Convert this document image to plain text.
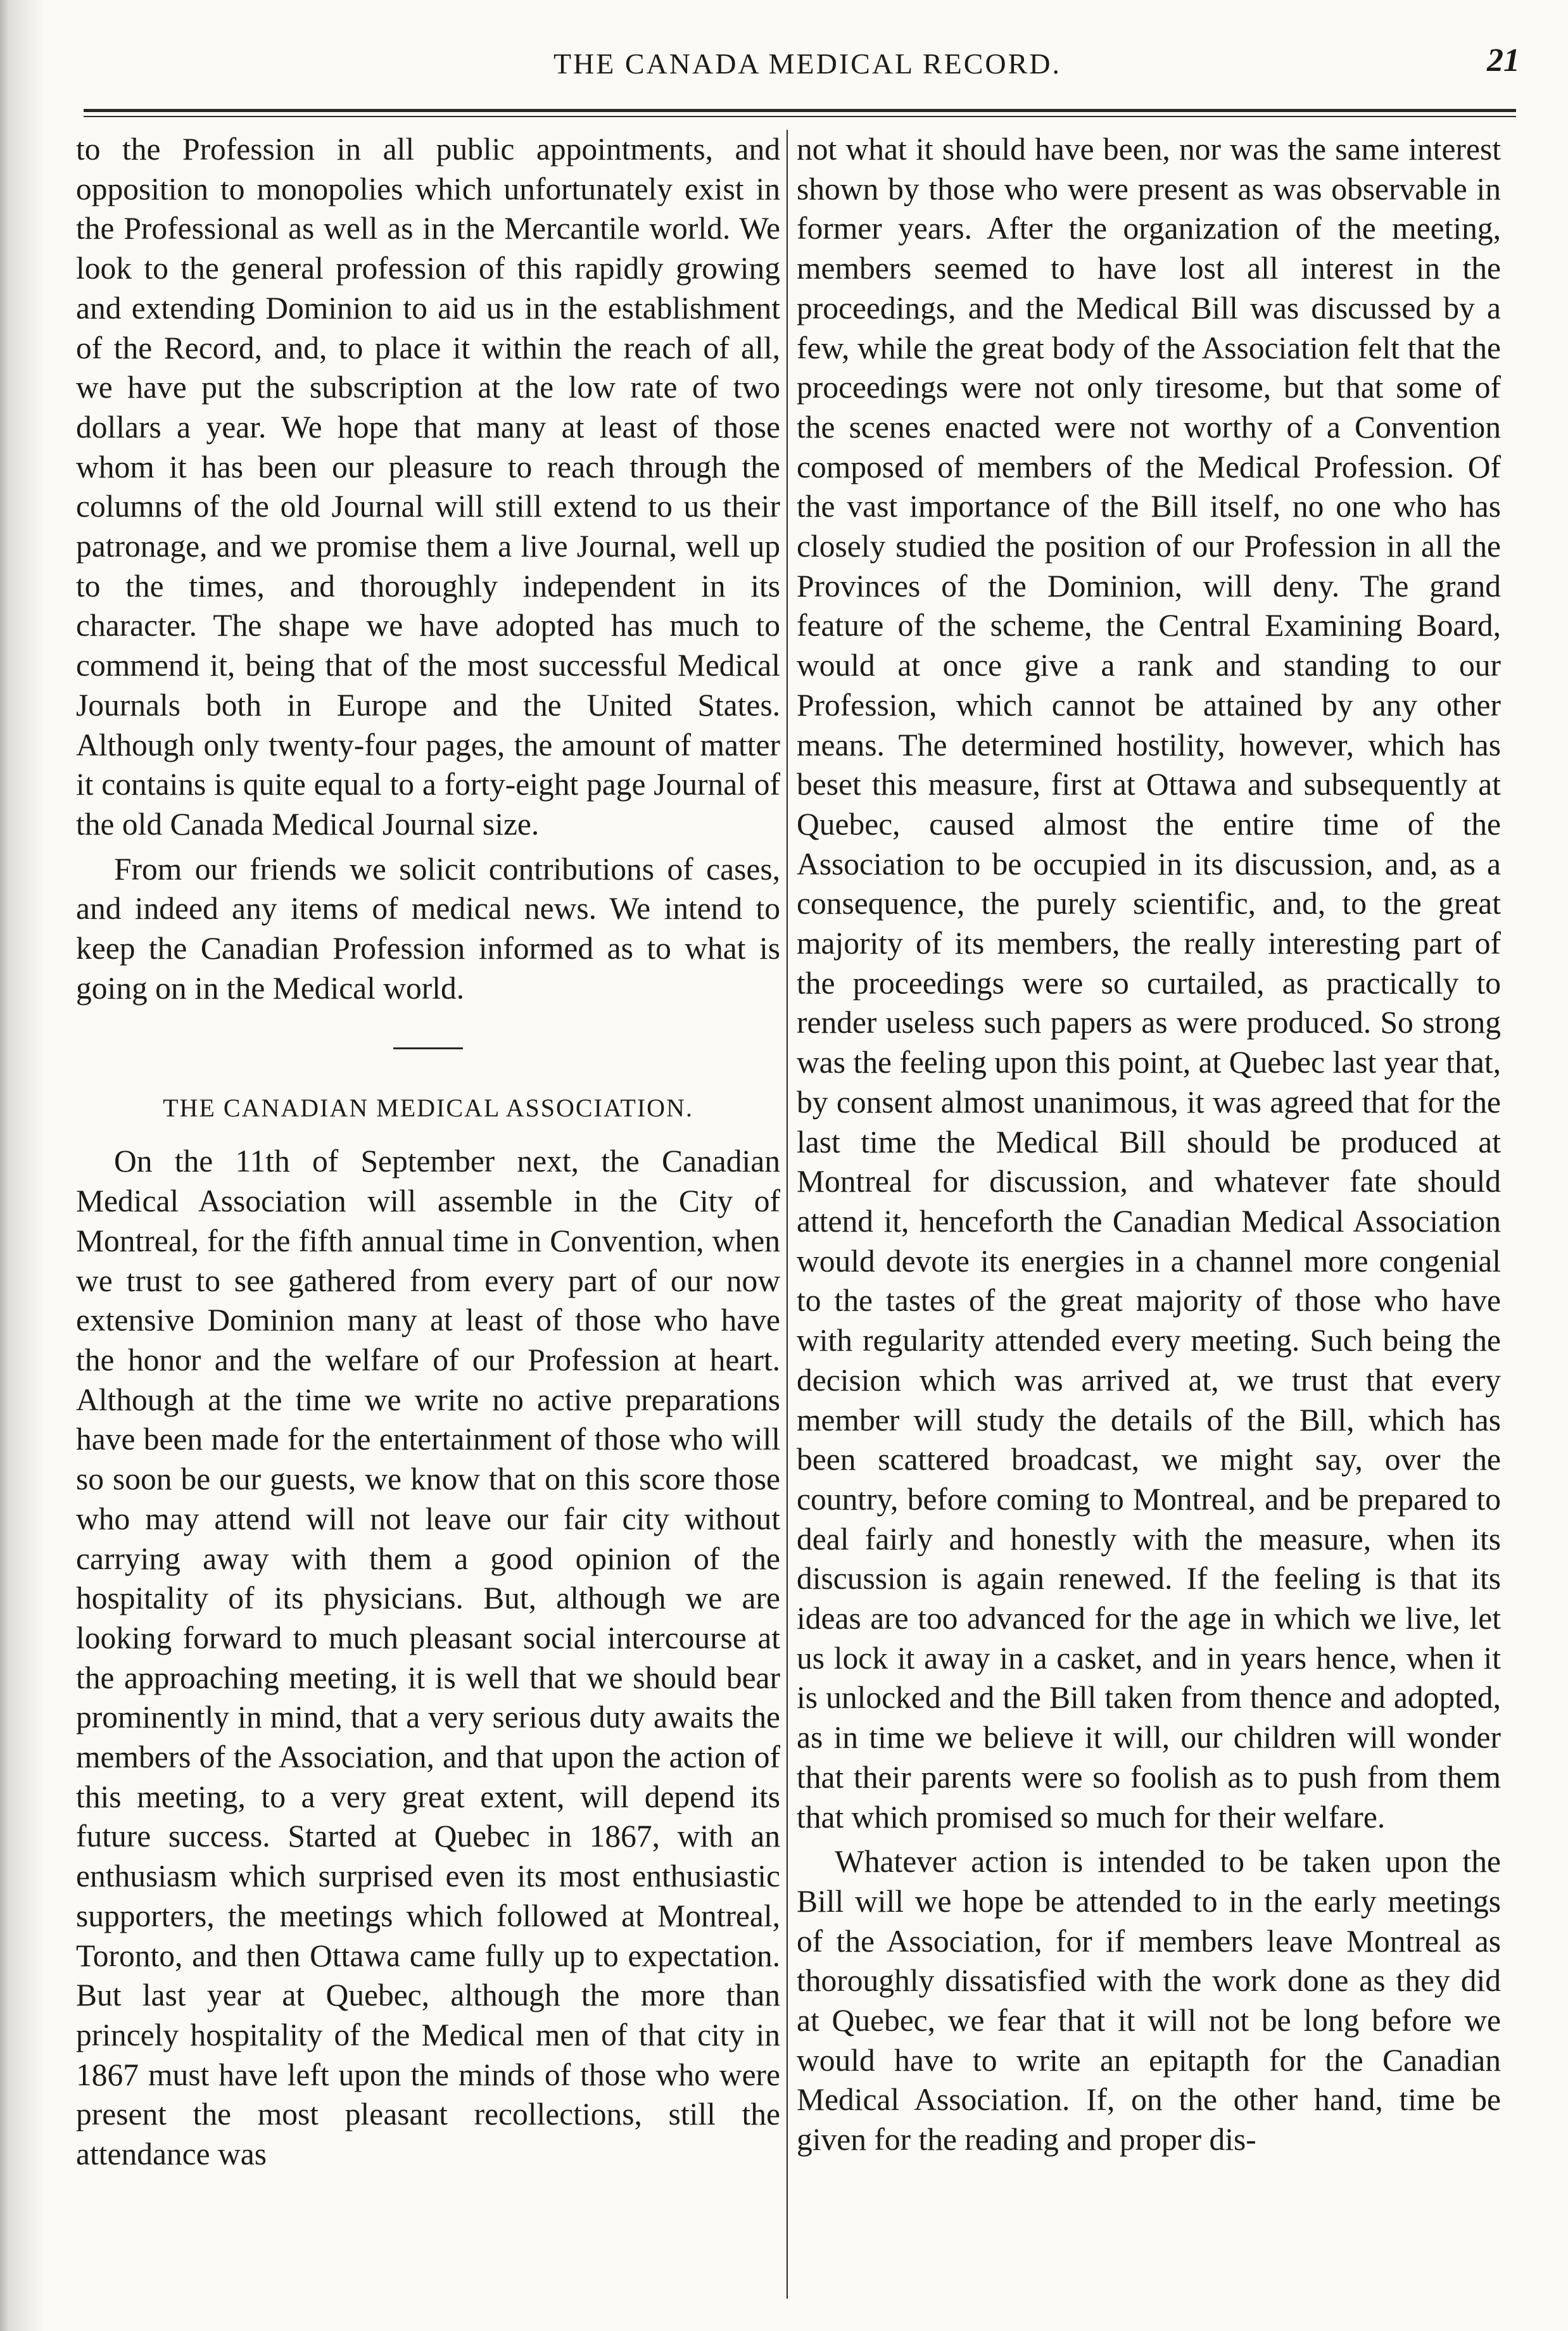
THE CANADA MEDICAL RECORD.	21

to the Profession in all public appointments, and opposition to monopolies which unfortunately exist in the Professional as well as in the Mercantile world. We look to the general profession of this rapidly growing and extending Dominion to aid us in the establishment of the Record, and, to place it within the reach of all, we have put the subscription at the low rate of two dollars a year. We hope that many at least of those whom it has been our pleasure to reach through the columns of the old Journal will still extend to us their patronage, and we promise them a live Journal, well up to the times, and thoroughly independent in its character. The shape we have adopted has much to commend it, being that of the most successful Medical Journals both in Europe and the United States. Although only twenty-four pages, the amount of matter it contains is quite equal to a forty-eight page Journal of the old Canada Medical Journal size.

From our friends we solicit contributions of cases, and indeed any items of medical news. We intend to keep the Canadian Profession informed as to what is going on in the Medical world.

THE CANADIAN MEDICAL ASSOCIATION.

On the 11th of September next, the Canadian Medical Association will assemble in the City of Montreal, for the fifth annual time in Convention, when we trust to see gathered from every part of our now extensive Dominion many at least of those who have the honor and the welfare of our Profession at heart. Although at the time we write no active preparations have been made for the entertainment of those who will so soon be our guests, we know that on this score those who may attend will not leave our fair city without carrying away with them a good opinion of the hospitality of its physicians. But, although we are looking forward to much pleasant social intercourse at the approaching meeting, it is well that we should bear prominently in mind, that a very serious duty awaits the members of the Association, and that upon the action of this meeting, to a very great extent, will depend its future success. Started at Quebec in 1867, with an enthusiasm which surprised even its most enthusiastic supporters, the meetings which followed at Montreal, Toronto, and then Ottawa came fully up to expectation. But last year at Quebec, although the more than princely hospitality of the Medical men of that city in 1867 must have left upon the minds of those who were present the most pleasant recollections, still the attendance was

not what it should have been, nor was the same interest shown by those who were present as was observable in former years. After the organization of the meeting, members seemed to have lost all interest in the proceedings, and the Medical Bill was discussed by a few, while the great body of the Association felt that the proceedings were not only tiresome, but that some of the scenes enacted were not worthy of a Convention composed of members of the Medical Profession. Of the vast importance of the Bill itself, no one who has closely studied the position of our Profession in all the Provinces of the Dominion, will deny. The grand feature of the scheme, the Central Examining Board, would at once give a rank and standing to our Profession, which cannot be attained by any other means. The determined hostility, however, which has beset this measure, first at Ottawa and subsequently at Quebec, caused almost the entire time of the Association to be occupied in its discussion, and, as a consequence, the purely scientific, and, to the great majority of its members, the really interesting part of the proceedings were so curtailed, as practically to render useless such papers as were produced. So strong was the feeling upon this point, at Quebec last year that, by consent almost unanimous, it was agreed that for the last time the Medical Bill should be produced at Montreal for discussion, and whatever fate should attend it, henceforth the Canadian Medical Association would devote its energies in a channel more congenial to the tastes of the great majority of those who have with regularity attended every meeting. Such being the decision which was arrived at, we trust that every member will study the details of the Bill, which has been scattered broadcast, we might say, over the country, before coming to Montreal, and be prepared to deal fairly and honestly with the measure, when its discussion is again renewed. If the feeling is that its ideas are too advanced for the age in which we live, let us lock it away in a casket, and in years hence, when it is unlocked and the Bill taken from thence and adopted, as in time we believe it will, our children will wonder that their parents were so foolish as to push from them that which promised so much for their welfare.

Whatever action is intended to be taken upon the Bill will we hope be attended to in the early meetings of the Association, for if members leave Montreal as thoroughly dissatisfied with the work done as they did at Quebec, we fear that it will not be long before we would have to write an epitapth for the Canadian Medical Association. If, on the other hand, time be given for the reading and proper dis-
